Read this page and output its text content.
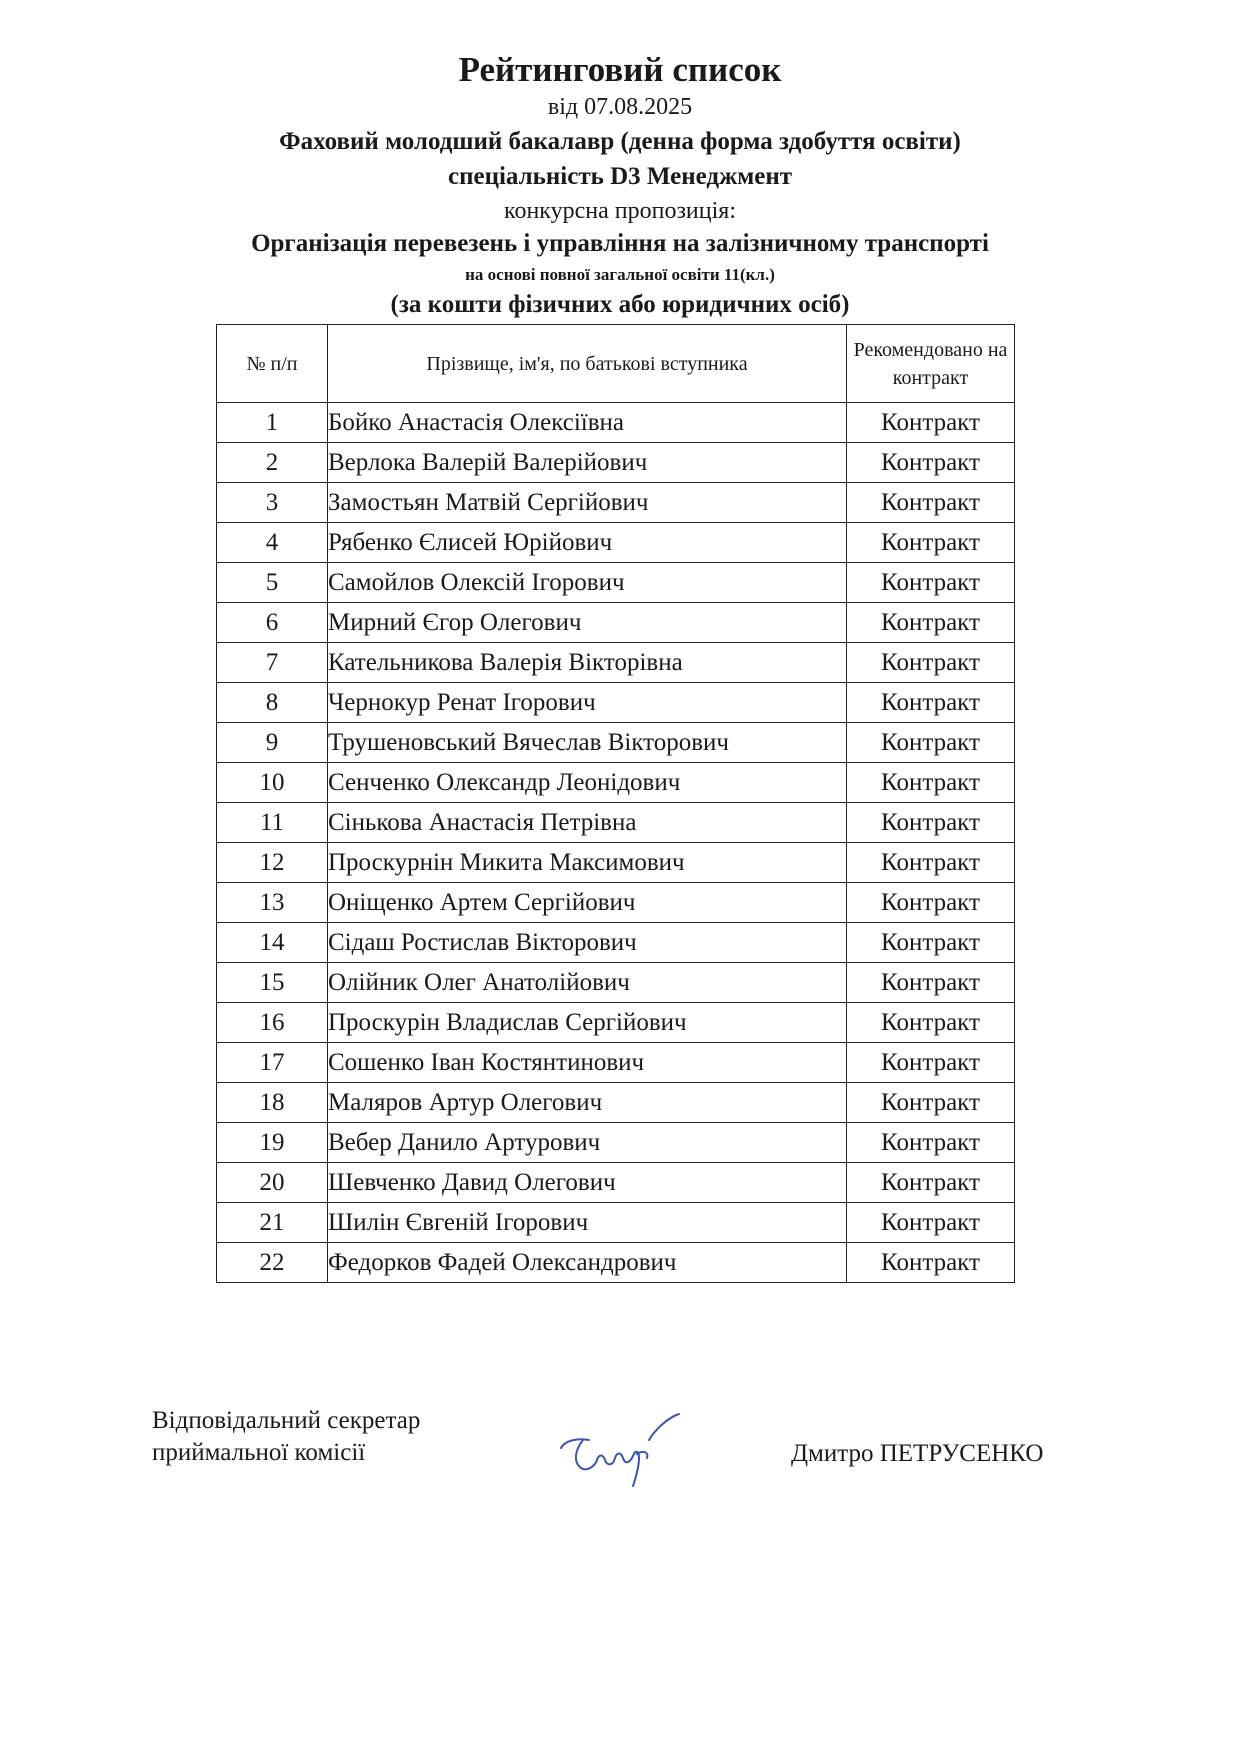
Рейтинговий список
від 07.08.2025
Фаховий молодший бакалавр (денна форма здобуття освіти)
спеціальність D3 Менеджмент
конкурсна пропозиція:
Організація перевезень і управління на залізничному транспорті
на основі повної загальної освіти 11(кл.)
(за кошти фізичних або юридичних осіб)
№ п/п	Прізвище, ім'я, по батькові вступника	Рекомендовано на контракт
1	Бойко Анастасія Олексіївна	Контракт
2	Верлока Валерій Валерійович	Контракт
3	Замостьян Матвій Сергійович	Контракт
4	Рябенко Єлисей Юрійович	Контракт
5	Самойлов Олексій Ігорович	Контракт
6	Мирний Єгор Олегович	Контракт
7	Кательникова Валерія Вікторівна	Контракт
8	Чернокур Ренат Ігорович	Контракт
9	Трушеновський Вячеслав Вікторович	Контракт
10	Сенченко Олександр Леонідович	Контракт
11	Сінькова Анастасія Петрівна	Контракт
12	Проскурнін Микита Максимович	Контракт
13	Оніщенко Артем Сергійович	Контракт
14	Сідаш Ростислав Вікторович	Контракт
15	Олійник Олег Анатолійович	Контракт
16	Проскурін Владислав Сергійович	Контракт
17	Сошенко Іван Костянтинович	Контракт
18	Маляров Артур Олегович	Контракт
19	Вебер Данило Артурович	Контракт
20	Шевченко Давид Олегович	Контракт
21	Шилін Євгеній Ігорович	Контракт
22	Федорков Фадей Олександрович	Контракт
Відповідальний секретар
приймальної комісії	Дмитро ПЕТРУСЕНКО
